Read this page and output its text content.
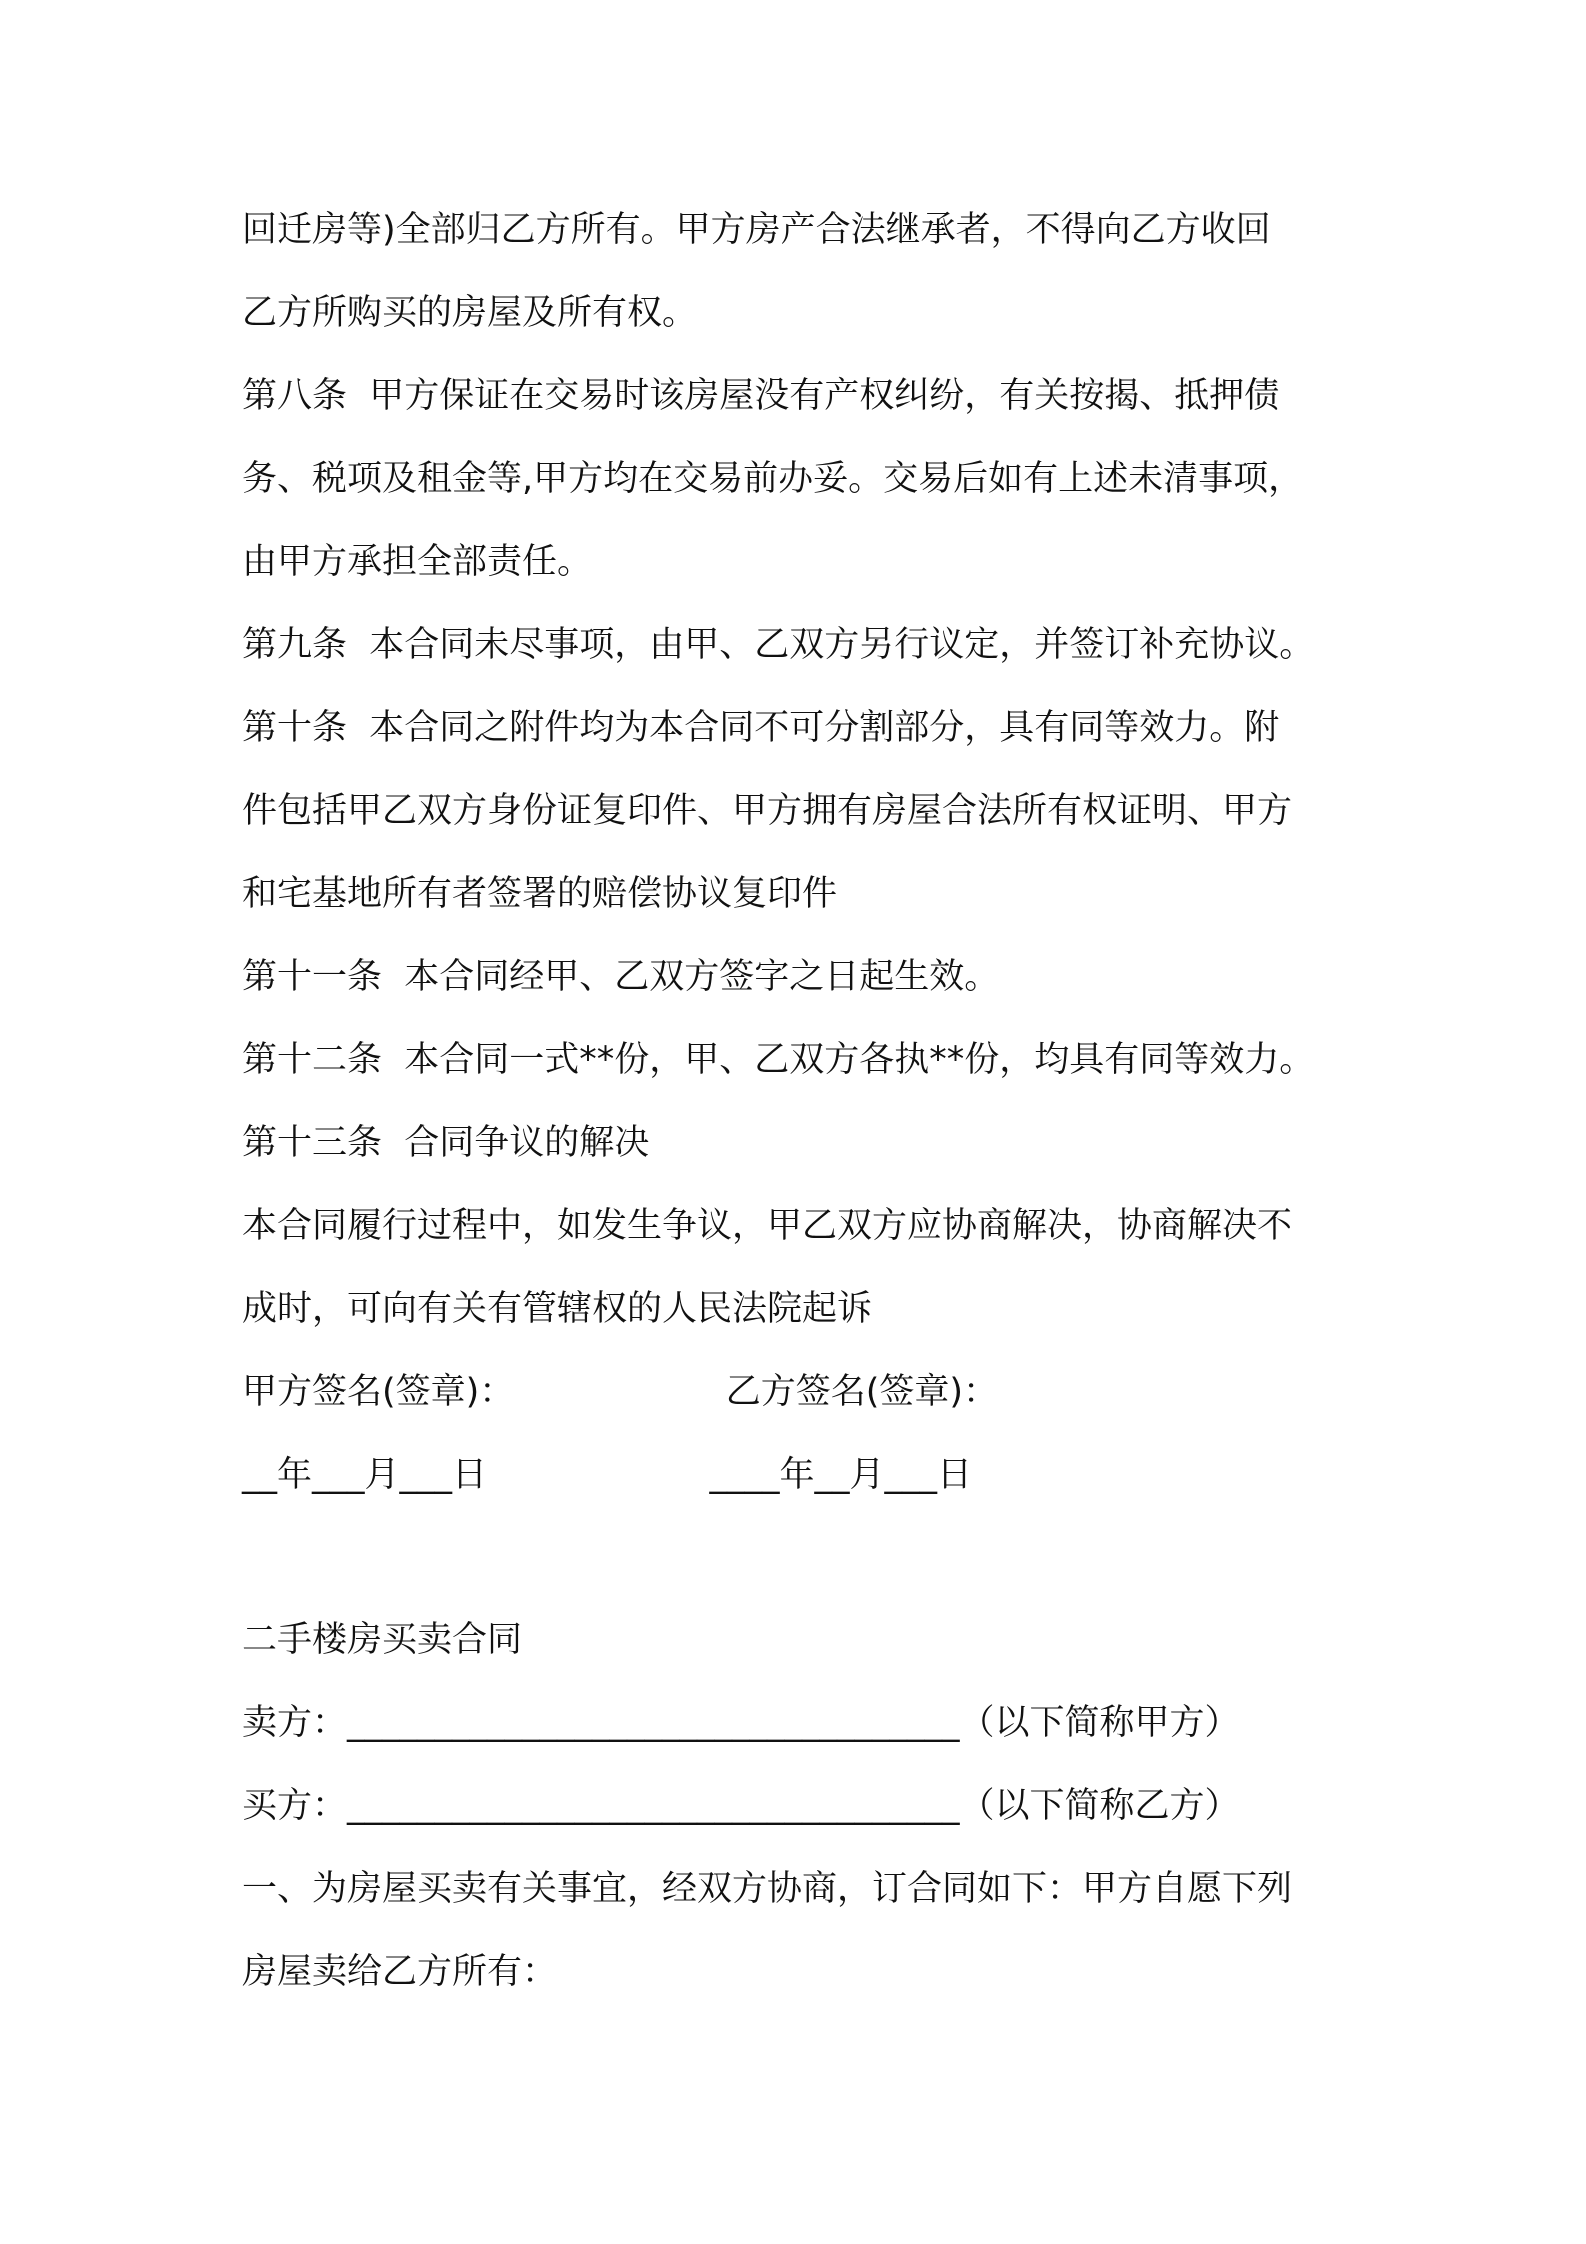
回迁房等)全部归乙方所有。甲方房产合法继承者，不得向乙方收回
乙方所购买的房屋及所有权。
第八条  甲方保证在交易时该房屋没有产权纠纷，有关按揭、抵押债
务、税项及租金等,甲方均在交易前办妥。交易后如有上述未清事项，
由甲方承担全部责任。
第九条  本合同未尽事项，由甲、乙双方另行议定，并签订补充协议。
第十条  本合同之附件均为本合同不可分割部分，具有同等效力。附
件包括甲乙双方身份证复印件、甲方拥有房屋合法所有权证明、甲方
和宅基地所有者签署的赔偿协议复印件
第十一条  本合同经甲、乙双方签字之日起生效。
第十二条  本合同一式**份，甲、乙双方各执**份，均具有同等效力。
第十三条  合同争议的解决
本合同履行过程中，如发生争议，甲乙双方应协商解决，协商解决不
成时，可向有关有管辖权的人民法院起诉
甲方签名(签章)：                   乙方签名(签章)：
__年___月___日                    ____年__月___日
二手楼房买卖合同
卖方：___________________________________（以下简称甲方）
买方：___________________________________（以下简称乙方）
一、为房屋买卖有关事宜，经双方协商，订合同如下：甲方自愿下列
房屋卖给乙方所有：
